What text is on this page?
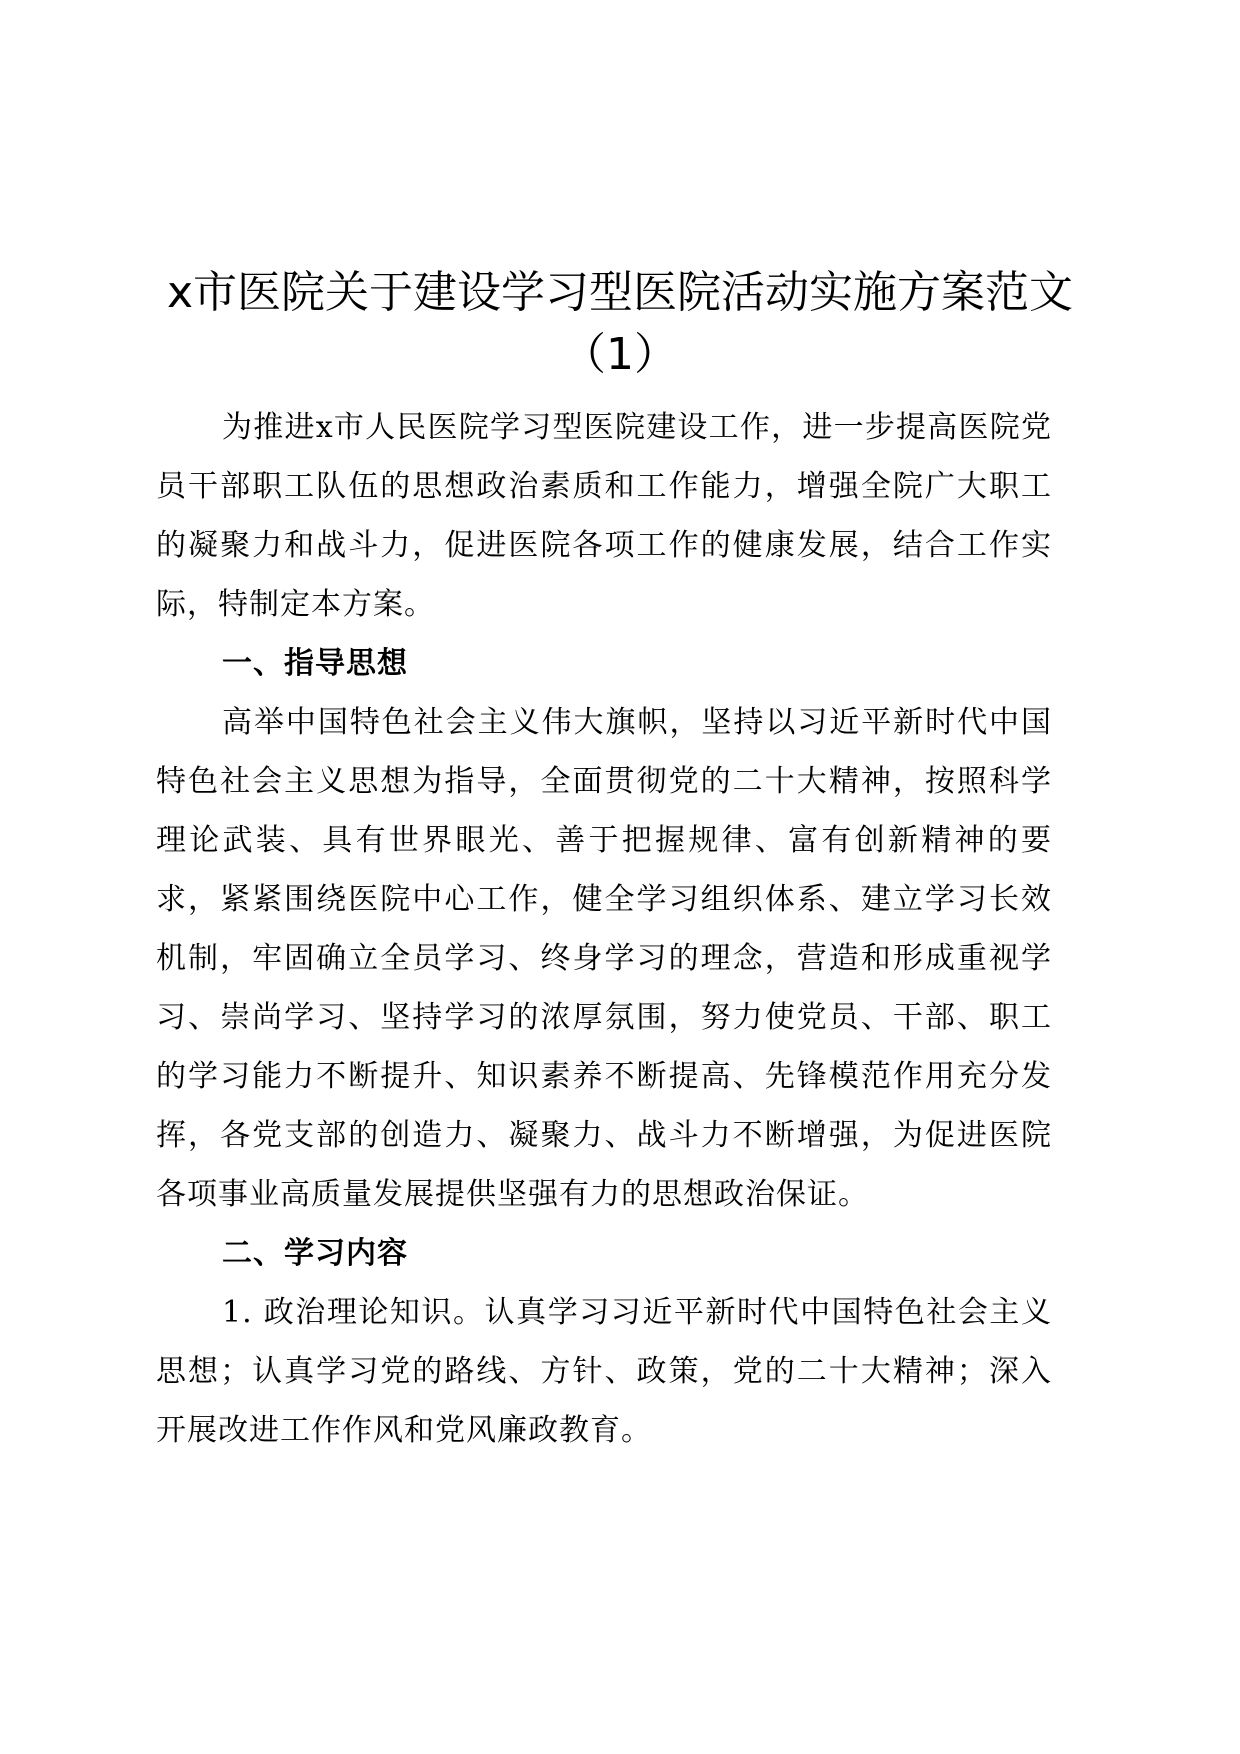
x市医院关于建设学习型医院活动实施方案范文（1）

为推进x市人民医院学习型医院建设工作，进一步提高医院党员干部职工队伍的思想政治素质和工作能力，增强全院广大职工的凝聚力和战斗力，促进医院各项工作的健康发展，结合工作实际，特制定本方案。

一、指导思想

高举中国特色社会主义伟大旗帜，坚持以习近平新时代中国特色社会主义思想为指导，全面贯彻党的二十大精神，按照科学理论武装、具有世界眼光、善于把握规律、富有创新精神的要求，紧紧围绕医院中心工作，健全学习组织体系、建立学习长效机制，牢固确立全员学习、终身学习的理念，营造和形成重视学习、崇尚学习、坚持学习的浓厚氛围，努力使党员、干部、职工的学习能力不断提升、知识素养不断提高、先锋模范作用充分发挥，各党支部的创造力、凝聚力、战斗力不断增强，为促进医院各项事业高质量发展提供坚强有力的思想政治保证。

二、学习内容

1. 政治理论知识。认真学习习近平新时代中国特色社会主义思想；认真学习党的路线、方针、政策，党的二十大精神；深入开展改进工作作风和党风廉政教育。
